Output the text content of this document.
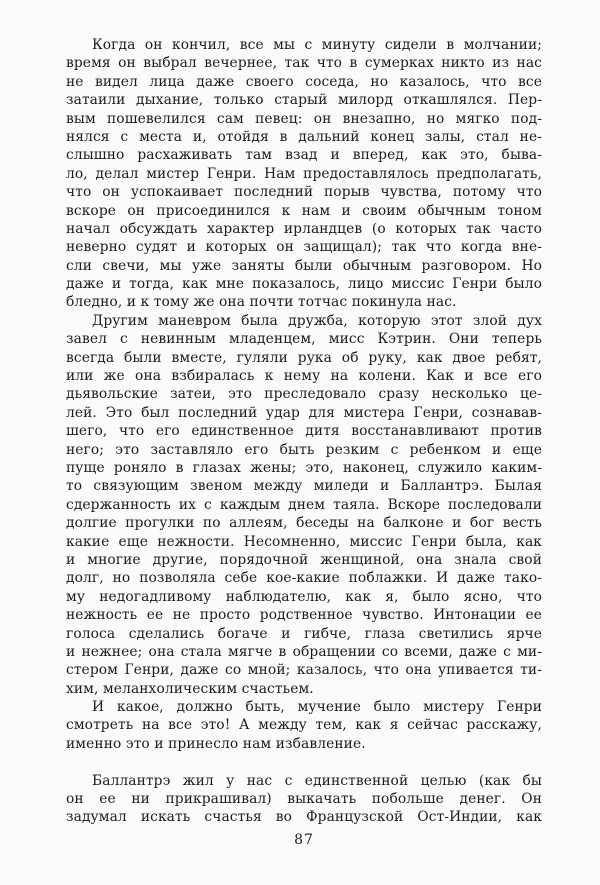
Когда он кончил, все мы с минуту сидели в молчании;
время он выбрал вечернее, так что в сумерках никто из нас
не видел лица даже своего соседа, но казалось, что все
затаили дыхание, только старый милорд откашлялся. Пер-
вым пошевелился сам певец: он внезапно, но мягко под-
нялся с места и, отойдя в дальний конец залы, стал не-
слышно расхаживать там взад и вперед, как это, быва-
ло, делал мистер Генри. Нам предоставлялось предполагать,
что он успокаивает последний порыв чувства, потому что
вскоре он присоединился к нам и своим обычным тоном
начал обсуждать характер ирландцев (о которых так часто
неверно судят и которых он защищал); так что когда вне-
сли свечи, мы уже заняты были обычным разговором. Но
даже и тогда, как мне показалось, лицо миссис Генри было
бледно, и к тому же она почти тотчас покинула нас.
Другим маневром была дружба, которую этот злой дух
завел с невинным младенцем, мисс Кэтрин. Они теперь
всегда были вместе, гуляли рука об руку, как двое ребят,
или же она взбиралась к нему на колени. Как и все его
дьявольские затеи, это преследовало сразу несколько це-
лей. Это был последний удар для мистера Генри, сознавав-
шего, что его единственное дитя восстанавливают против
него; это заставляло его быть резким с ребенком и еще
пуще роняло в глазах жены; это, наконец, служило каким-
то связующим звеном между миледи и Баллантрэ. Былая
сдержанность их с каждым днем таяла. Вскоре последовали
долгие прогулки по аллеям, беседы на балконе и бог весть
какие еще нежности. Несомненно, миссис Генри была, как
и многие другие, порядочной женщиной, она знала свой
долг, но позволяла себе кое-какие поблажки. И даже тако-
му недогадливому наблюдателю, как я, было ясно, что
нежность ее не просто родственное чувство. Интонации ее
голоса сделались богаче и гибче, глаза светились ярче
и нежнее; она стала мягче в обращении со всеми, даже с ми-
стером Генри, даже со мной; казалось, что она упивается ти-
хим, меланхолическим счастьем.
И какое, должно быть, мучение было мистеру Генри
смотреть на все это! А между тем, как я сейчас расскажу,
именно это и принесло нам избавление.
Баллантрэ жил у нас с единственной целью (как бы
он ее ни прикрашивал) выкачать побольше денег. Он
задумал искать счастья во Французской Ост-Индии, как
87
